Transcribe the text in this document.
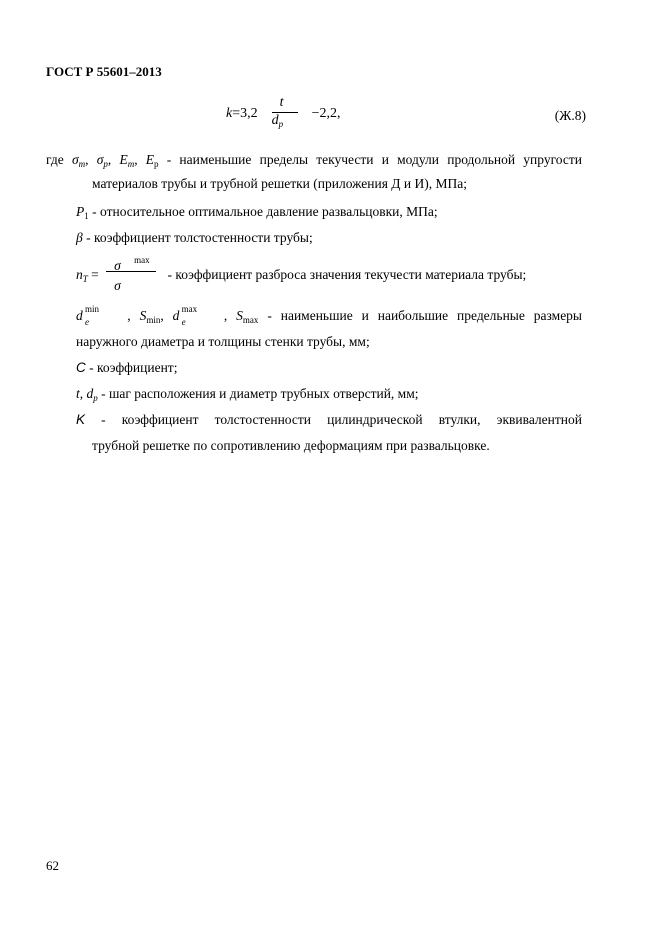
ГОСТ Р 55601–2013
$k=3,2 \frac{t}{d_p} -2,2$,	(Ж.8)
где $\sigma_m$, $\sigma_p$, $E_m$, $E_р$ - наименьшие пределы текучести и модули продольной упругости
материалов трубы и трубной решетки (приложения Д и И), МПа;
$P_1$ - относительное оптимальное давление развальцовки, МПа;
β - коэффициент толстостенности трубы;
$n_T$ =
σ max
σ
- коэффициент разброса значения текучести материала трубы;
d min
e	, $S_{min}$, d max
e	, $S_{max}$ - наименьшие и наибольшие предельные размеры
наружного диаметра и толщины стенки трубы, мм;
C - коэффициент;
t, $d_p$ - шаг расположения и диаметр трубных отверстий, мм;
K - коэффициент толстостенности цилиндрической втулки, эквивалентной
трубной решетке по сопротивлению деформациям при развальцовке.
62
